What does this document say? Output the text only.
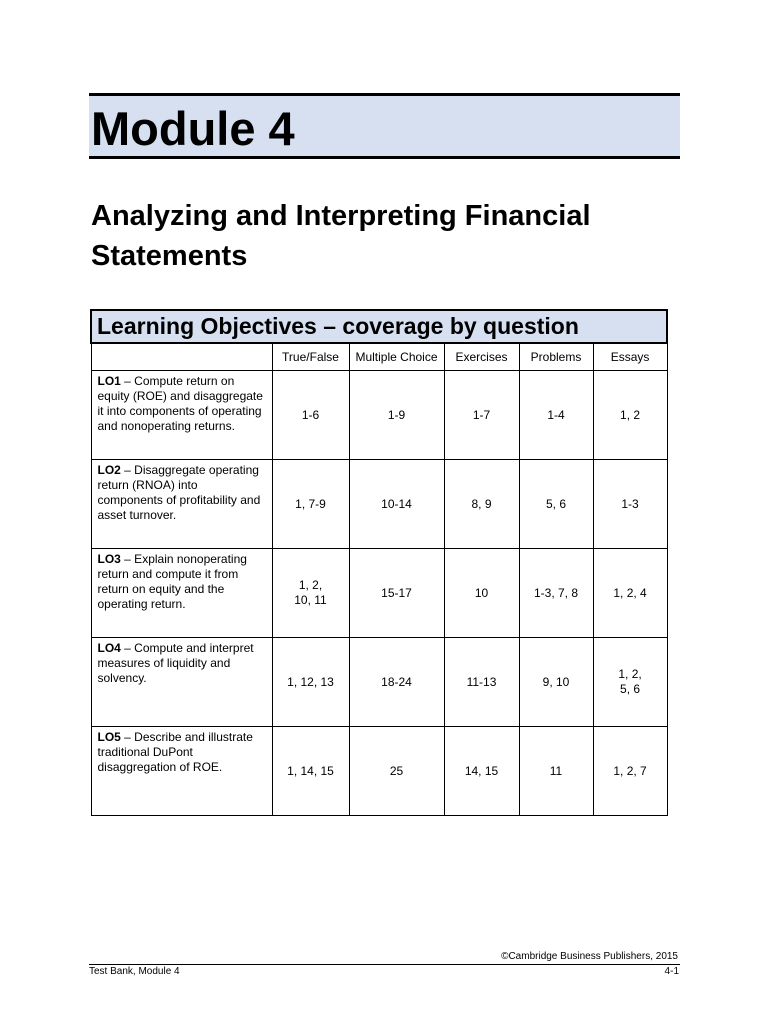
Module 4
Analyzing and Interpreting Financial
Statements
Learning Objectives – coverage by question					
	True/False	Multiple Choice	Exercises	Problems	Essays
LO1 – Compute return on equity (ROE) and disaggregate it into components of operating and nonoperating returns.	1-6	1-9	1-7	1-4	1, 2
LO2 – Disaggregate operating return (RNOA) into components of profitability and asset turnover.	1, 7-9	10-14	8, 9	5, 6	1-3
LO3 – Explain nonoperating return and compute it from return on equity and the operating return.	1, 2,
10, 11	15-17	10	1-3, 7, 8	1, 2, 4
LO4 – Compute and interpret measures of liquidity and solvency.	1, 12, 13	18-24	11-13	9, 10	1, 2,
5, 6
LO5 – Describe and illustrate traditional DuPont disaggregation of ROE.	1, 14, 15	25	14, 15	11	1, 2, 7
©Cambridge Business Publishers, 2015
Test Bank, Module 4	4-1
